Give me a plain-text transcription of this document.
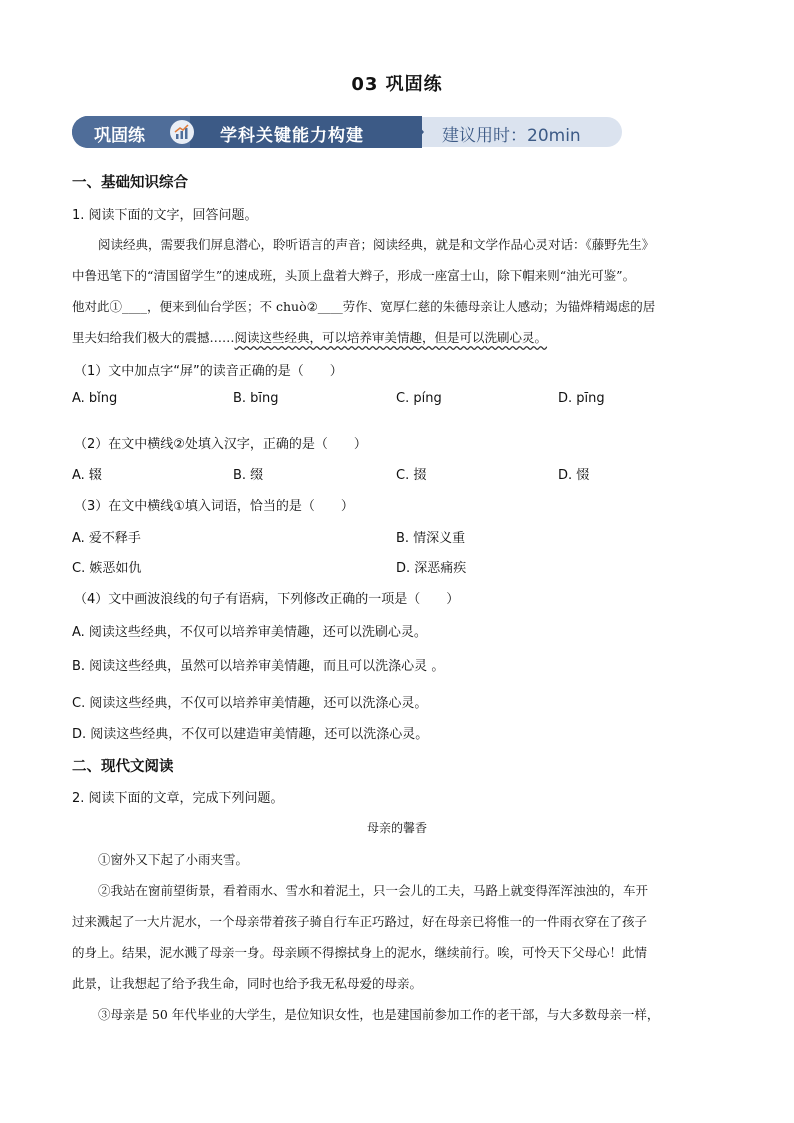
03 巩固练
巩固练	学科关键能力构建	建议用时：20min
一、基础知识综合
1. 阅读下面的文字，回答问题。
阅读经典，需要我们屏息潜心，聆听语言的声音；阅读经典，就是和文学作品心灵对话：《藤野先生》
中鲁迅笔下的“清国留学生”的速成班，头顶上盘着大辫子，形成一座富士山，除下帽来则“油光可鉴”。
他对此①____，便来到仙台学医；不 chuò②____劳作、宽厚仁慈的朱德母亲让人感动；为锚烨精竭虑的居
里夫妇给我们极大的震撼……阅读这些经典，可以培养审美情趣，但是可以洗刷心灵。
（1）文中加点字“屏”的读音正确的是（　　）
A. bǐng	B. bīng	C. píng	D. pīng
（2）在文中横线②处填入汉字，正确的是（　　）
A. 辍	B. 缀	C. 掇	D. 惙
（3）在文中横线①填入词语，恰当的是（　　）
A. 爱不释手	B. 情深义重
C. 嫉恶如仇	D. 深恶痛疾
（4）文中画波浪线的句子有语病，下列修改正确的一项是（　　）
A. 阅读这些经典，不仅可以培养审美情趣，还可以洗刷心灵。
B. 阅读这些经典，虽然可以培养审美情趣，而且可以洗涤心灵 。
C. 阅读这些经典，不仅可以培养审美情趣，还可以洗涤心灵。
D. 阅读这些经典，不仅可以建造审美情趣，还可以洗涤心灵。
二、现代文阅读
2. 阅读下面的文章，完成下列问题。
母亲的馨香
①窗外又下起了小雨夹雪。
②我站在窗前望街景，看着雨水、雪水和着泥土，只一会儿的工夫，马路上就变得浑浑浊浊的，车开
过来溅起了一大片泥水，一个母亲带着孩子骑自行车正巧路过，好在母亲已将惟一的一件雨衣穿在了孩子
的身上。结果，泥水溅了母亲一身。母亲顾不得擦拭身上的泥水，继续前行。唉，可怜天下父母心！此情
此景，让我想起了给予我生命，同时也给予我无私母爱的母亲。
③母亲是 50 年代毕业的大学生，是位知识女性，也是建国前参加工作的老干部，与大多数母亲一样，
